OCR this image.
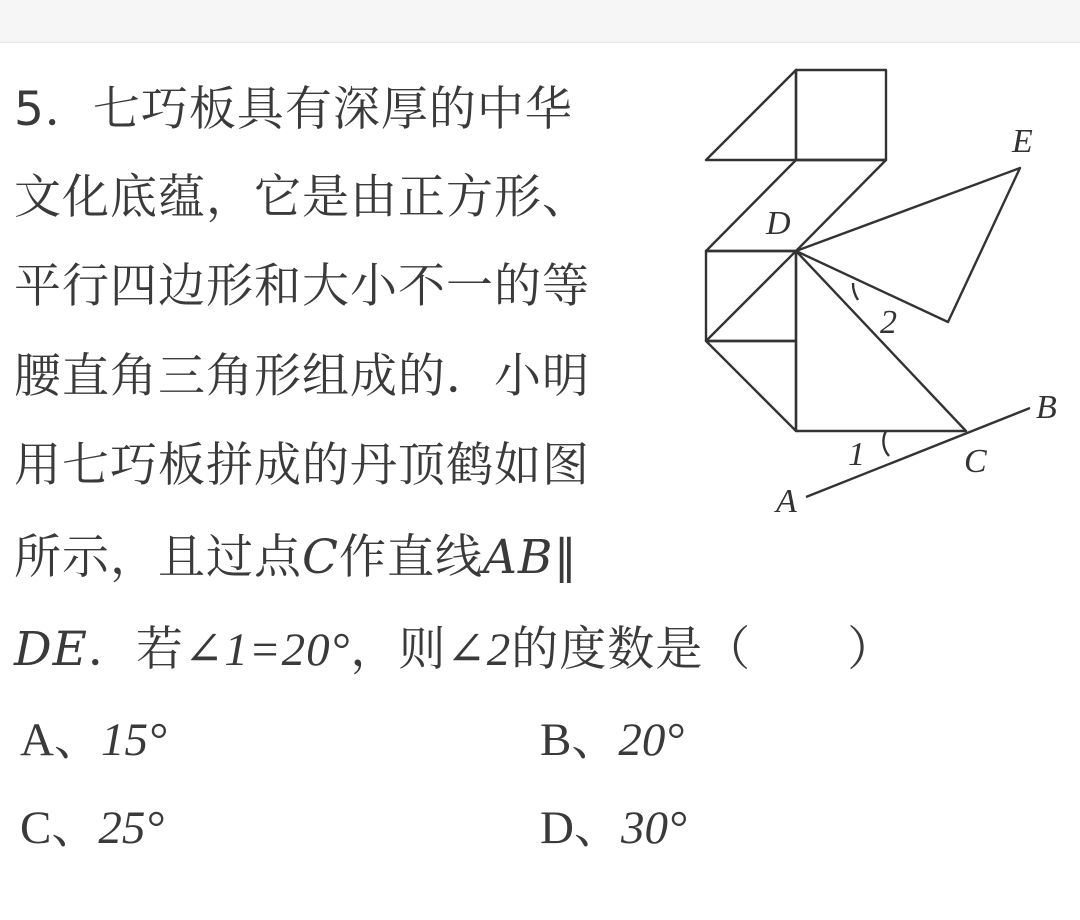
5．七巧板具有深厚的中华
文化底蕴，它是由正方形、
平行四边形和大小不一的等
腰直角三角形组成的．小明
用七巧板拼成的丹顶鹤如图
所示，且过点C作直线AB∥
DE．若∠1=20°，则∠2的度数是（　　）
A、15°	B、20°
C、25°	D、30°
D
E
B
C
A
1
2
